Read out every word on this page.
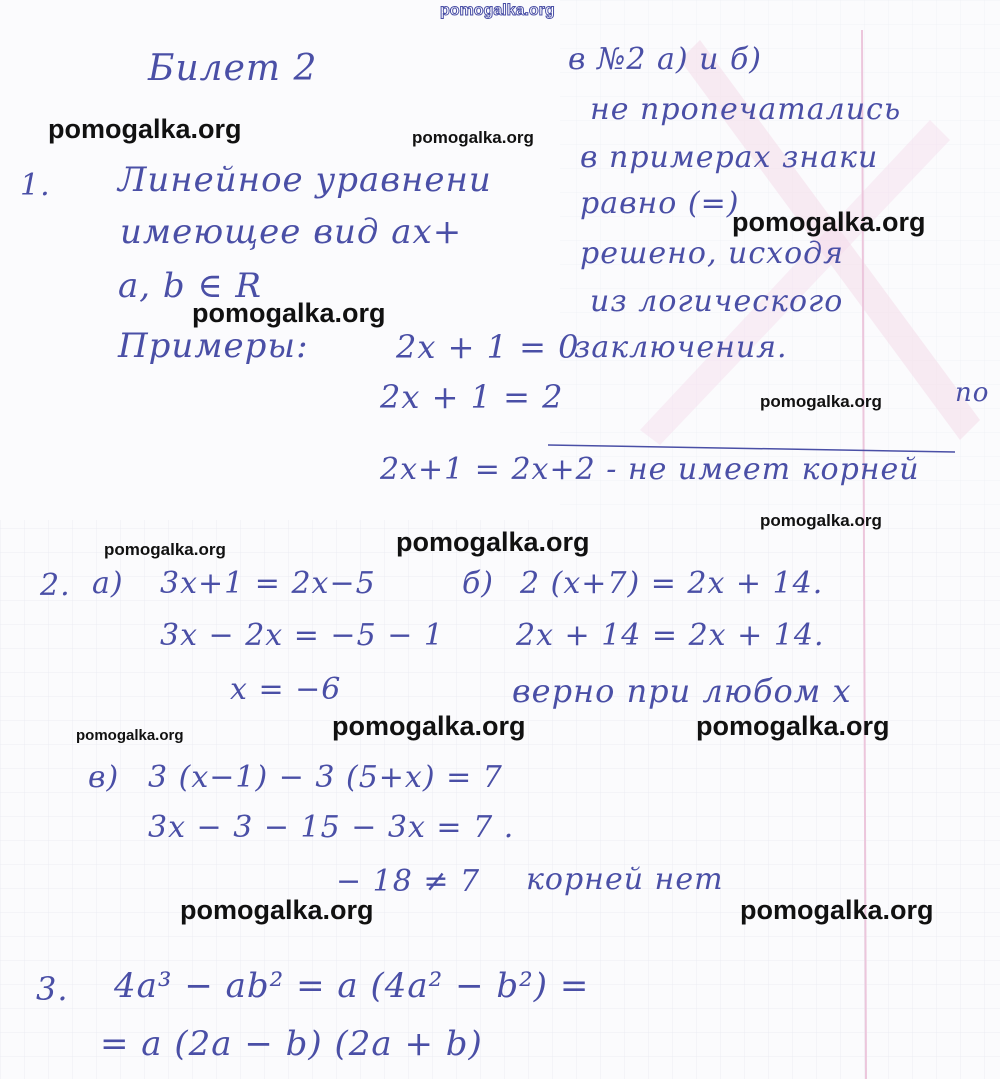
pomogalka.org
pomogalka.org	pomogalka.org
pomogalka.org
pomogalka.org
pomogalka.org
pomogalka.org
pomogalka.org	pomogalka.org
pomogalka.org	pomogalka.org	pomogalka.org
pomogalka.org	pomogalka.org
Билет 2	в №2 а) и б)
не пропечатались
в примерах знаки
равно (=)
решено, исходя
из логического
заключения.
по
1. Линейное уравнени
имеющее вид ax+
a, b ∈ R
Примеры:	2x + 1 = 0
2x + 1 = 2
2x+1 = 2x+2 - не имеет корней
2. a) 3x+1 = 2x−5
3x − 2x = −5 − 1
x = −6
б) 2 (x+7) = 2x + 14.
2x + 14 = 2x + 14.
верно при любом x
в) 3 (x−1) − 3 (5+x) = 7
3x − 3 − 15 − 3x = 7 .
− 18 ≠ 7 корней нет
3. 4a³ − ab² = a (4a² − b²) =
= a (2a − b) (2a + b)
